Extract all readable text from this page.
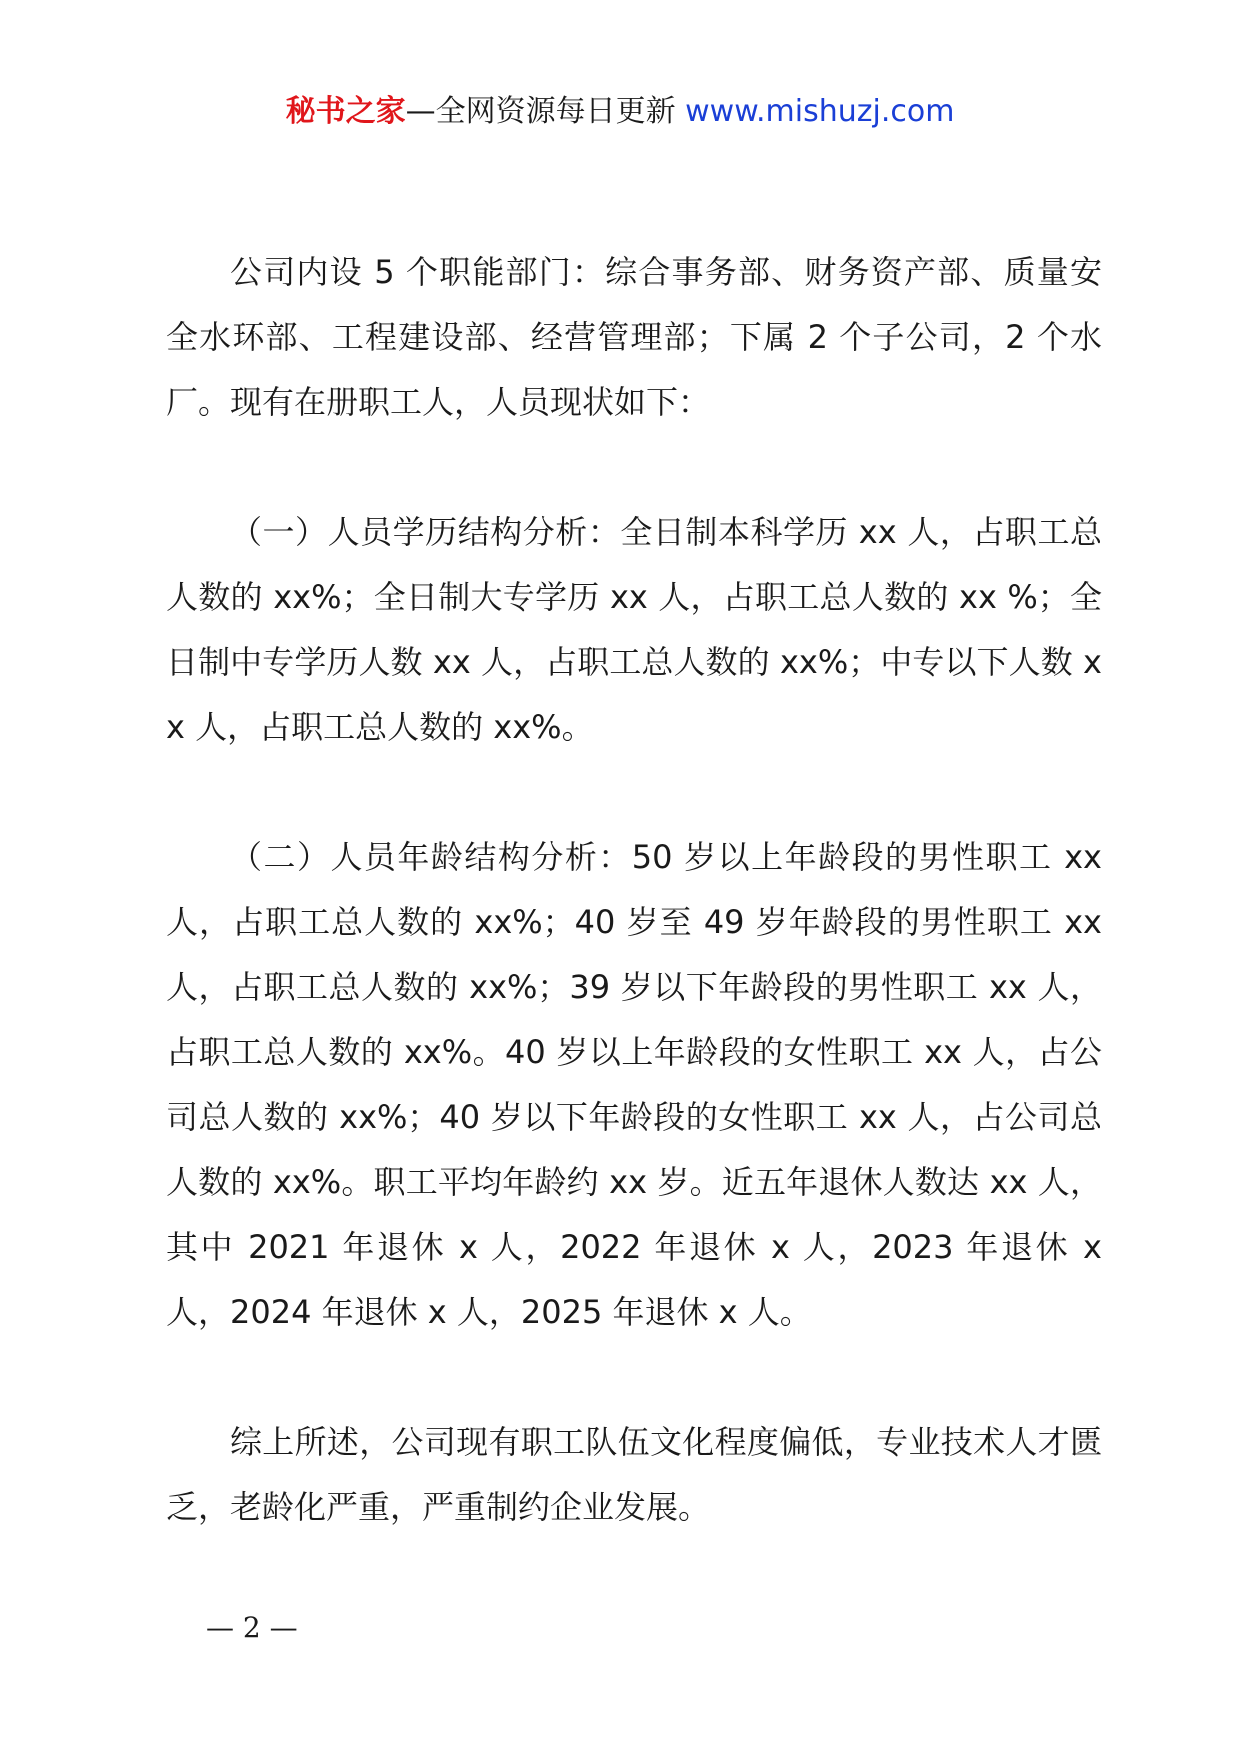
秘书之家—全网资源每日更新 www.mishuzj.com

公司内设 5 个职能部门：综合事务部、财务资产部、质量安全水环部、工程建设部、经营管理部；下属 2 个子公司，2 个水厂。现有在册职工人，人员现状如下：

（一）人员学历结构分析：全日制本科学历 xx 人，占职工总人数的 xx%；全日制大专学历 xx 人，占职工总人数的 xx %；全日制中专学历人数 xx 人，占职工总人数的 xx%；中专以下人数 xx 人，占职工总人数的 xx%。

（二）人员年龄结构分析：50 岁以上年龄段的男性职工 xx 人，占职工总人数的 xx%；40 岁至 49 岁年龄段的男性职工 xx 人，占职工总人数的 xx%；39 岁以下年龄段的男性职工 xx 人，占职工总人数的 xx%。40 岁以上年龄段的女性职工 xx 人，占公司总人数的 xx%；40 岁以下年龄段的女性职工 xx 人，占公司总人数的 xx%。职工平均年龄约 xx 岁。近五年退休人数达 xx 人，其中 2021 年退休 x 人，2022 年退休 x 人，2023 年退休 x 人，2024 年退休 x 人，2025 年退休 x 人。

综上所述，公司现有职工队伍文化程度偏低，专业技术人才匮乏，老龄化严重，严重制约企业发展。

— 2 —
